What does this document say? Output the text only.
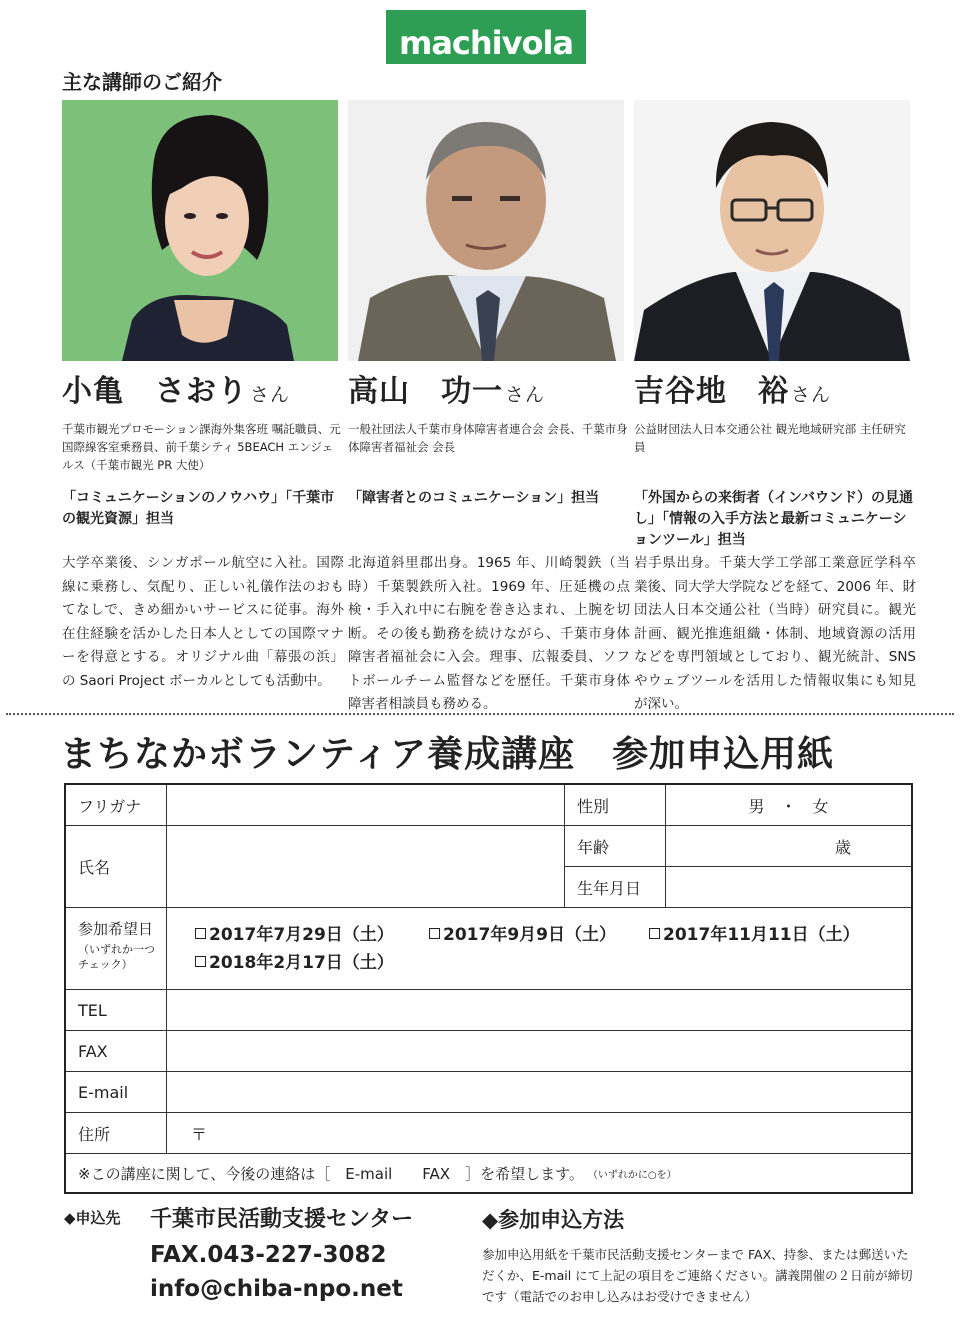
machivola
主な講師のご紹介
小亀　さおり さん
千葉市観光プロモーション課海外集客班 嘱託職員、元国際線客室乗務員、前千葉シティ 5BEACH エンジェルス（千葉市観光 PR 大使）
「コミュニケーションのノウハウ」「千葉市の観光資源」担当
大学卒業後、シンガポール航空に入社。国際線に乗務し、気配り、正しい礼儀作法のおもてなしで、きめ細かいサービスに従事。海外在住経験を活かした日本人としての国際マナーを得意とする。オリジナル曲「幕張の浜」の Saori Project ボーカルとしても活動中。
高山　功一 さん
一般社団法人千葉市身体障害者連合会 会長、千葉市身体障害者福祉会 会長
「障害者とのコミュニケーション」担当
北海道斜里郡出身。1965 年、川崎製鉄（当時）千葉製鉄所入社。1969 年、圧延機の点検・手入れ中に右腕を巻き込まれ、上腕を切断。その後も勤務を続けながら、千葉市身体障害者福祉会に入会。理事、広報委員、ソフトボールチーム監督などを歴任。千葉市身体障害者相談員も務める。
吉谷地　裕 さん
公益財団法人日本交通公社 観光地域研究部 主任研究員
「外国からの来街者（インバウンド）の見通し」「情報の入手方法と最新コミュニケーションツール」担当
岩手県出身。千葉大学工学部工業意匠学科卒業後、同大学大学院などを経て、2006 年、財団法人日本交通公社（当時）研究員に。観光計画、観光推進組織・体制、地域資源の活用などを専門領域としており、観光統計、SNS やウェブツールを活用した情報収集にも知見が深い。
まちなかボランティア養成講座　参加申込用紙
フリガナ	性別	男　・　女
氏名
年齢	歳
生年月日
参加希望日
（いずれか一つチェック）
2017年7月29日（土）	2017年9月9日（土）	2017年11月11日（土）
2018年2月17日（土）
TEL
FAX
E-mail
住所	〒
※この講座に関して、今後の連絡は［　E-mail　　FAX　］を希望します。 （いずれかに○を）
◆申込先 千葉市民活動支援センター
FAX.043-227-3082
info@chiba-npo.net
◆参加申込方法
参加申込用紙を千葉市民活動支援センターまで FAX、持参、または郵送いただくか、E-mail にて上記の項目をご連絡ください。講義開催の２日前が締切です（電話でのお申し込みはお受けできません）
